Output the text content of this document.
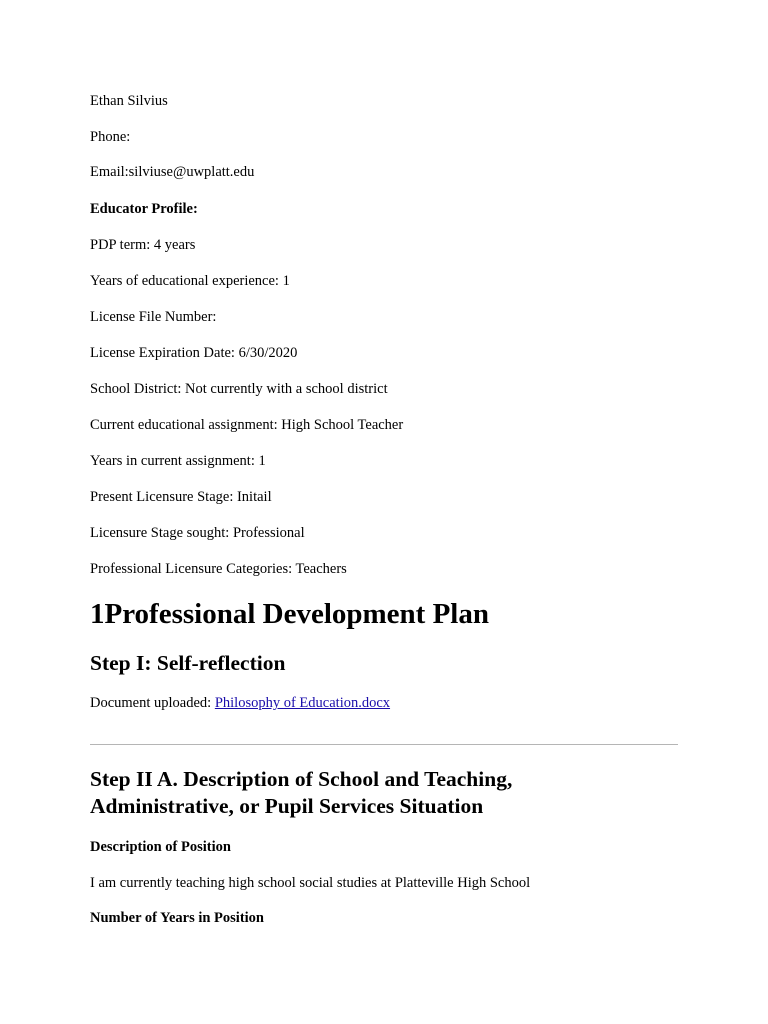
Ethan Silvius
Phone:
Email:silviuse@uwplatt.edu
Educator Profile:
PDP term: 4 years
Years of educational experience: 1
License File Number:
License Expiration Date: 6/30/2020
School District: Not currently with a school district
Current educational assignment: High School Teacher
Years in current assignment: 1
Present Licensure Stage: Initail
Licensure Stage sought: Professional
Professional Licensure Categories: Teachers
1Professional Development Plan
Step I: Self-reflection
Document uploaded: Philosophy of Education.docx
Step II A. Description of School and Teaching, Administrative, or Pupil Services Situation
Description of Position
I am currently teaching high school social studies at Platteville High School
Number of Years in Position
